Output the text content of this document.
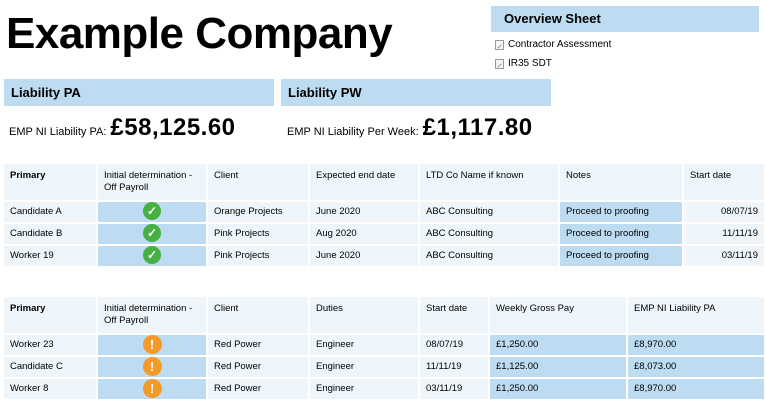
Example Company	Overview Sheet
Contractor Assessment
IR35 SDT
Liability PA	Liability PW
EMP NI Liability PA: £58,125.60	EMP NI Liability Per Week: £1,117.80
Primary	Initial determination - Off Payroll	Client	Expected end date	LTD Co Name if known	Notes	Start date
Candidate A	✓	Orange Projects	June 2020	ABC Consulting	Proceed to proofing	08/07/19
Candidate B	✓	Pink Projects	Aug 2020	ABC Consulting	Proceed to proofing	11/11/19
Worker 19	✓	Pink Projects	June 2020	ABC Consulting	Proceed to proofing	03/11/19
Primary	Initial determination - Off Payroll	Client	Duties	Start date	Weekly Gross Pay	EMP NI Liability PA
Worker 23	!	Red Power	Engineer	08/07/19	£1,250.00	£8,970.00
Candidate C	!	Red Power	Engineer	11/11/19	£1,125.00	£8,073.00
Worker 8	!	Red Power	Engineer	03/11/19	£1,250.00	£8,970.00
